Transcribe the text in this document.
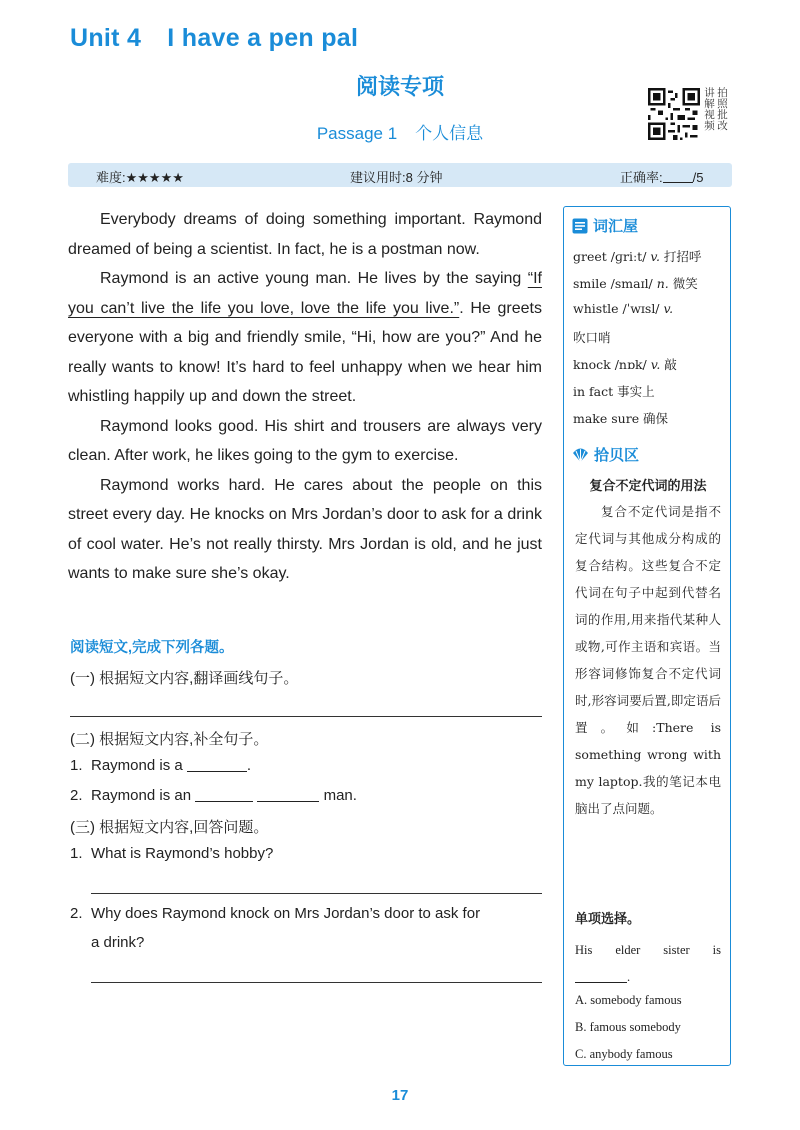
Unit 4 I have a pen pal
阅读专项
Passage 1 个人信息
讲 拍
解 照
视 批
频 改
难度:★★★★★	建议用时:8 分钟	正确率: /5

Everybody dreams of doing something important. Raymond dreamed of being a scientist. In fact, he is a postman now.

Raymond is an active young man. He lives by the saying “If you can’t live the life you love, love the life you live.”. He greets everyone with a big and friendly smile, “Hi, how are you?” And he really wants to know! It’s hard to feel unhappy when we hear him whistling happily up and down the street.

Raymond looks good. His shirt and trousers are always very clean. After work, he likes going to the gym to exercise.

Raymond works hard. He cares about the people on this street every day. He knocks on Mrs Jordan’s door to ask for a drink of cool water. He’s not really thirsty. Mrs Jordan is old, and he just wants to make sure she’s okay.

阅读短文,完成下列各题。
(一) 根据短文内容,翻译画线句子。
(二) 根据短文内容,补全句子。
1. Raymond is a	.
2. Raymond is an	man.
(三) 根据短文内容,回答问题。
1. What is Raymond’s hobby?
2. Why does Raymond knock on Mrs Jordan’s door to ask for
a drink?
词汇屋
greet /ɡriːt/ v. 打招呼
smile /smaɪl/ n. 微笑
whistle /ˈwɪsl/ v.
吹口哨
knock /nɒk/ v. 敲
in fact 事实上
make sure 确保
拾贝区
复合不定代词的用法
复合不定代词是指不定代词与其他成分构成的复合结构。这些复合不定代词在句子中起到代替名词的作用,用来指代某种人或物,可作主语和宾语。当形容词修饰复合不定代词时,形容词要后置,即定语后置。如:There is something wrong with my laptop.我的笔记本电脑出了点问题。
单项选择。
His elder sister is
.
A. somebody famous
B. famous somebody
C. anybody famous
17
